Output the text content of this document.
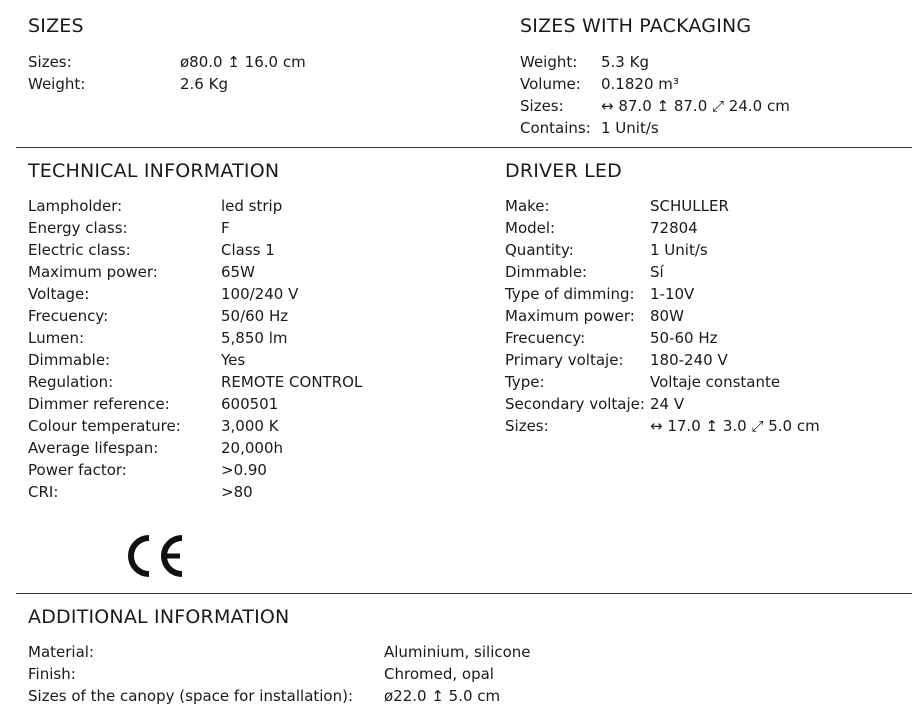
SIZES
Sizes:	ø80.0 ↥ 16.0 cm
Weight:	2.6 Kg
SIZES WITH PACKAGING
Weight: 5.3 Kg
Volume: 0.1820 m³
Sizes: ↔ 87.0 ↥ 87.0 ⤢ 24.0 cm
Contains: 1 Unit/s
TECHNICAL INFORMATION
Lampholder:	led strip
Energy class:	F
Electric class:	Class 1
Maximum power:	65W
Voltage:	100/240 V
Frecuency:	50/60 Hz
Lumen:	5,850 lm
Dimmable:	Yes
Regulation:	REMOTE CONTROL
Dimmer reference:	600501
Colour temperature:	3,000 K
Average lifespan:	20,000h
Power factor:	>0.90
CRI:	>80
DRIVER LED
Make:	SCHULLER
Model:	72804
Quantity:	1 Unit/s
Dimmable:	Sí
Type of dimming: 1-10V
Maximum power: 80W
Frecuency:	50-60 Hz
Primary voltaje: 180-240 V
Type:	Voltaje constante
Secondary voltaje: 24 V
Sizes:	↔ 17.0 ↥ 3.0 ⤢ 5.0 cm
ADDITIONAL INFORMATION
Material:	Aluminium, silicone
Finish:	Chromed, opal
Sizes of the canopy (space for installation): ø22.0 ↥ 5.0 cm
